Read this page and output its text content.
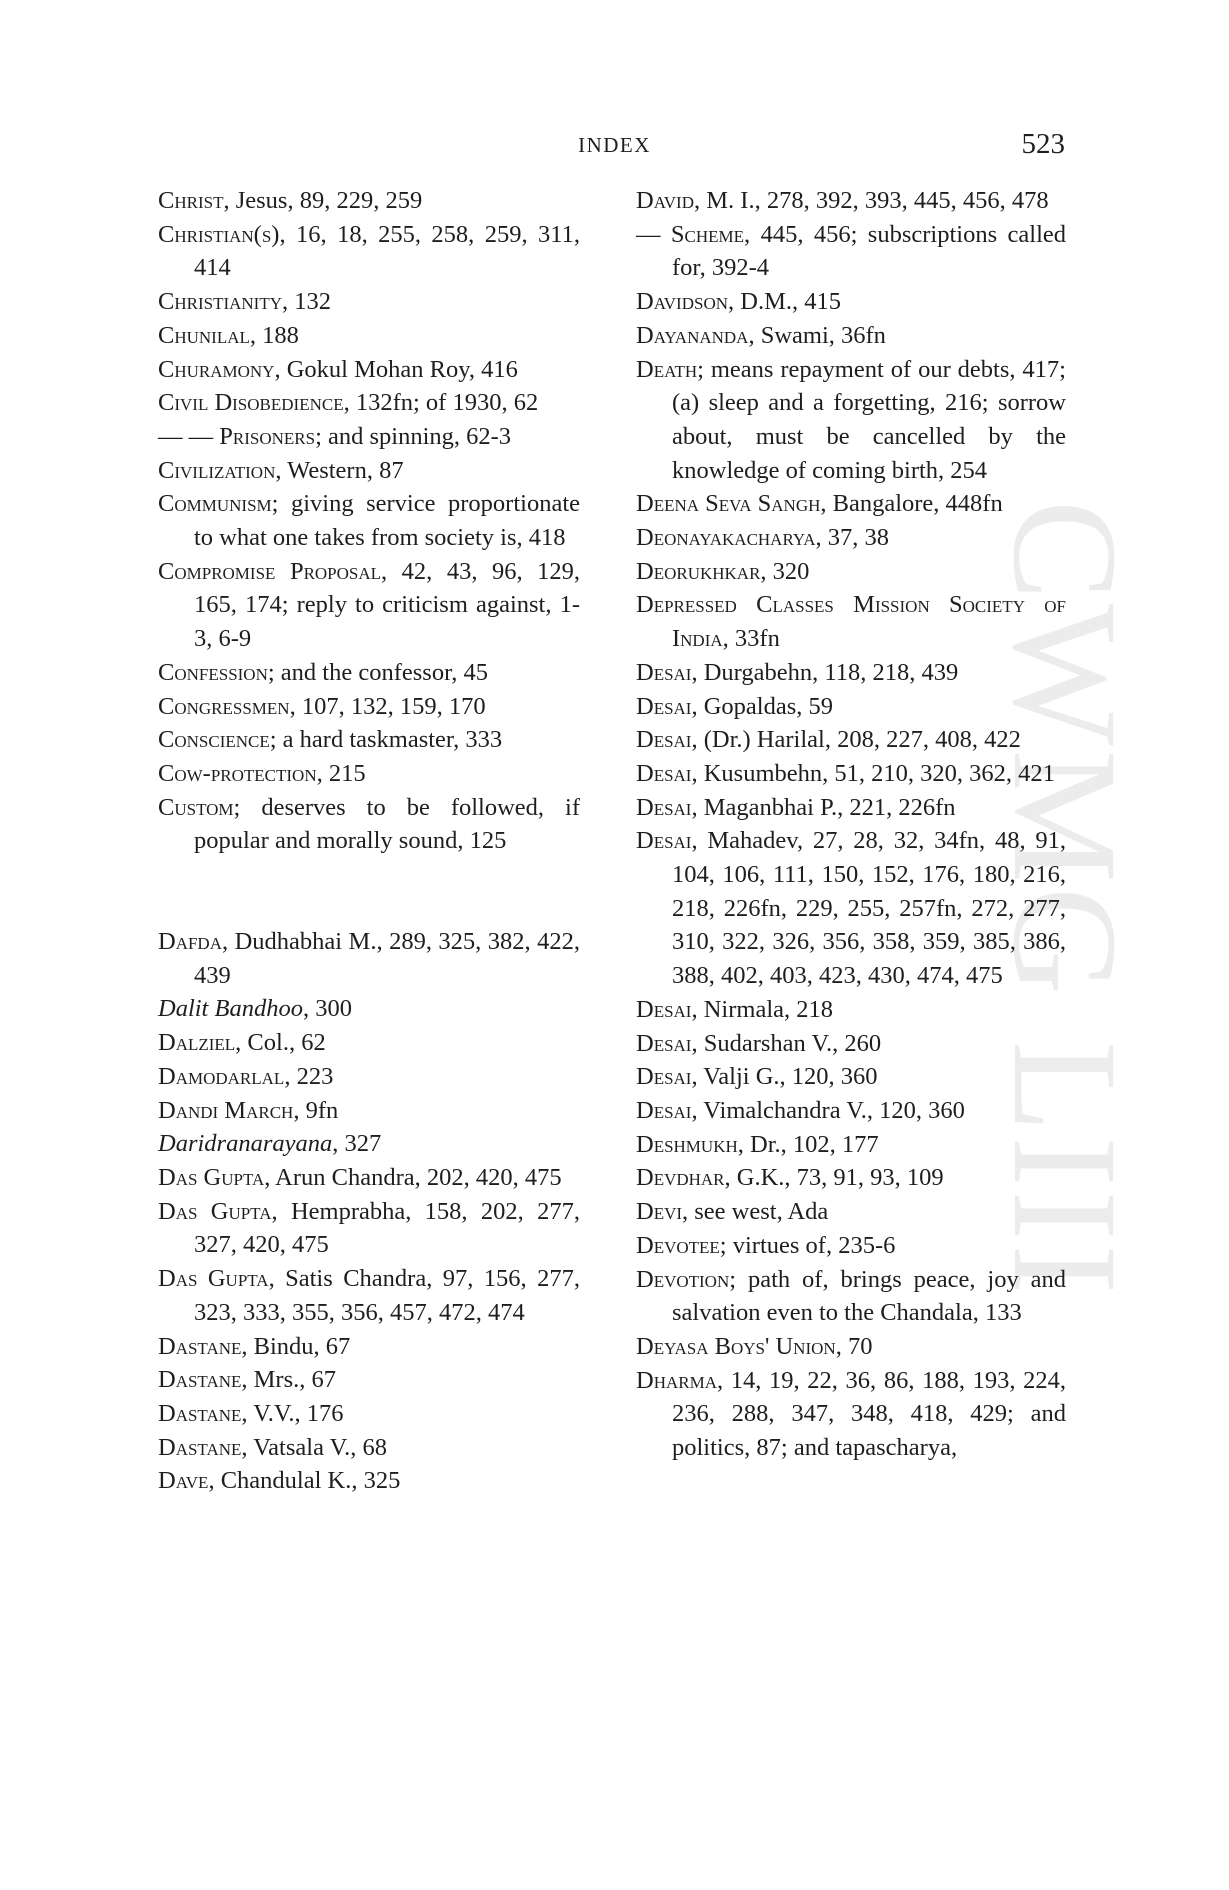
INDEX	523
CWMG LIII
Christ, Jesus, 89, 229, 259
Christian(s), 16, 18, 255, 258, 259, 311, 414
Christianity, 132
Chunilal, 188
Churamony, Gokul Mohan Roy, 416
Civil Disobedience, 132fn; of 1930, 62
— — Prisoners; and spinning, 62-3
Civilization, Western, 87
Communism; giving service proportionate to what one takes from society is, 418
Compromise Proposal, 42, 43, 96, 129, 165, 174; reply to criticism against, 1-3, 6-9
Confession; and the confessor, 45
Congressmen, 107, 132, 159, 170
Conscience; a hard taskmaster, 333
Cow-protection, 215
Custom; deserves to be followed, if popular and morally sound, 125
Dafda, Dudhabhai M., 289, 325, 382, 422, 439
Dalit Bandhoo, 300
Dalziel, Col., 62
Damodarlal, 223
Dandi March, 9fn
Daridranarayana, 327
Das Gupta, Arun Chandra, 202, 420, 475
Das Gupta, Hemprabha, 158, 202, 277, 327, 420, 475
Das Gupta, Satis Chandra, 97, 156, 277, 323, 333, 355, 356, 457, 472, 474
Dastane, Bindu, 67
Dastane, Mrs., 67
Dastane, V.V., 176
Dastane, Vatsala V., 68
Dave, Chandulal K., 325
David, M. I., 278, 392, 393, 445, 456, 478
— Scheme, 445, 456; subscriptions called for, 392-4
Davidson, D.M., 415
Dayananda, Swami, 36fn
Death; means repayment of our debts, 417; (a) sleep and a forgetting, 216; sorrow about, must be cancelled by the knowledge of coming birth, 254
Deena Seva Sangh, Bangalore, 448fn
Deonayakacharya, 37, 38
Deorukhkar, 320
Depressed Classes Mission Society of India, 33fn
Desai, Durgabehn, 118, 218, 439
Desai, Gopaldas, 59
Desai, (Dr.) Harilal, 208, 227, 408, 422
Desai, Kusumbehn, 51, 210, 320, 362, 421
Desai, Maganbhai P., 221, 226fn
Desai, Mahadev, 27, 28, 32, 34fn, 48, 91, 104, 106, 111, 150, 152, 176, 180, 216, 218, 226fn, 229, 255, 257fn, 272, 277, 310, 322, 326, 356, 358, 359, 385, 386, 388, 402, 403, 423, 430, 474, 475
Desai, Nirmala, 218
Desai, Sudarshan V., 260
Desai, Valji G., 120, 360
Desai, Vimalchandra V., 120, 360
Deshmukh, Dr., 102, 177
Devdhar, G.K., 73, 91, 93, 109
Devi, see west, Ada
Devotee; virtues of, 235-6
Devotion; path of, brings peace, joy and salvation even to the Chandala, 133
Deyasa Boys' Union, 70
Dharma, 14, 19, 22, 36, 86, 188, 193, 224, 236, 288, 347, 348, 418, 429; and politics, 87; and tapascharya,
